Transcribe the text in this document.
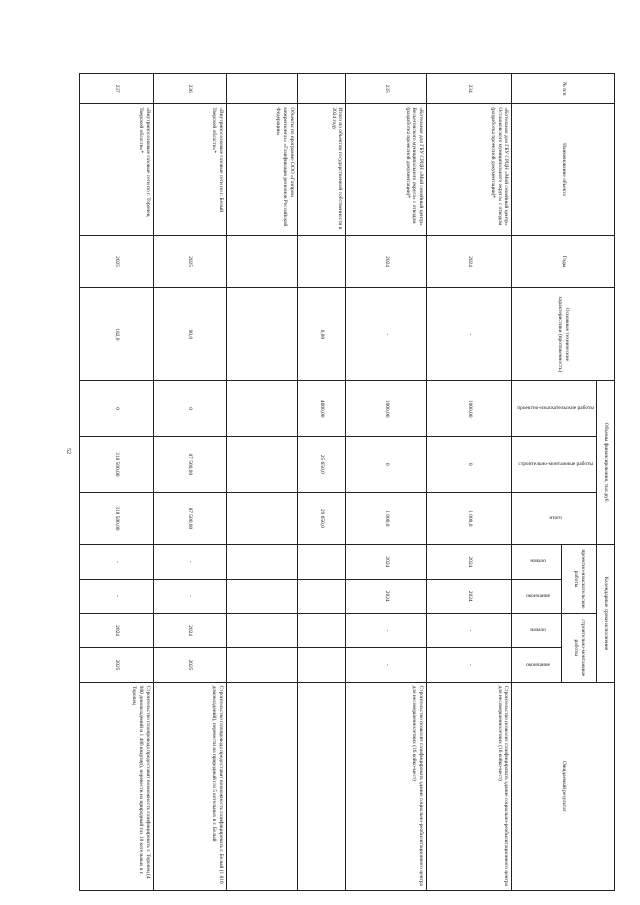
52
№ п/п	Наименование объекта	Годы	Основные технические характеристики (протяженность)	Объемы финансирования, тыс.руб.			Календарные сроки исполнения				Ожидаемый результат
				проектно-изыскательские работы	строительно-монтажные работы	итого	проектно-изыскательские работы		строительно-монтажные работы		
							начало	окончание	начало	окончание	
234	«Котельная для ГБУ СРЦН «Мой семейный центр» Осташковского муниципального округа» с отводом (разработка проектной документации)*	2024	-	1000,00	0	1 000,0	2024	2024	-	-	Строительство позволит газифицировать здание социально-реабилитационного центра для несовершеннолетних (16 койко-мест)
235	«Котельная для ГБУ СРЦН «Мой семейный центр» Весьегонского муниципального округа» с отводом (разработка проектной документации)*	2024	-	1000,00	0	1 000,0	2024	2024	-	-	Строительство позволит газифицировать здание социально-реабилитационного центра для несовершеннолетних (16 койко-мест)
	Итого по объектам государственной собственности в 2024 году		0,00	4000,00	25 650,0	29 650,0					
	Объекты по программе ООО «Газпром межрегионгаз» «Газификация регионов Российской Федерации»										
236	«Внутрипоселковые газовые сети по г. Белый Тверской области»*	2025	90,0	0	87 500,00	87 500,00	-	-	2024	2025	Строительство газопровода предоставит возможность газифицировать г. Белый (1 810 домовладений), перевести на природный газ 5 котельных в г. Белый
237	«Внутрипоселковые газовые сети по г. Торопец Тверской области»*	2025	182,0	0	318 500,00	318 500,00	-	-	2024	2025	Строительство газопровода предоставит возможность газифицировать г. Торопец (4 980 домовладений и 1 480 квартир), перевести на природный газ 18 котельных в г. Торопец
